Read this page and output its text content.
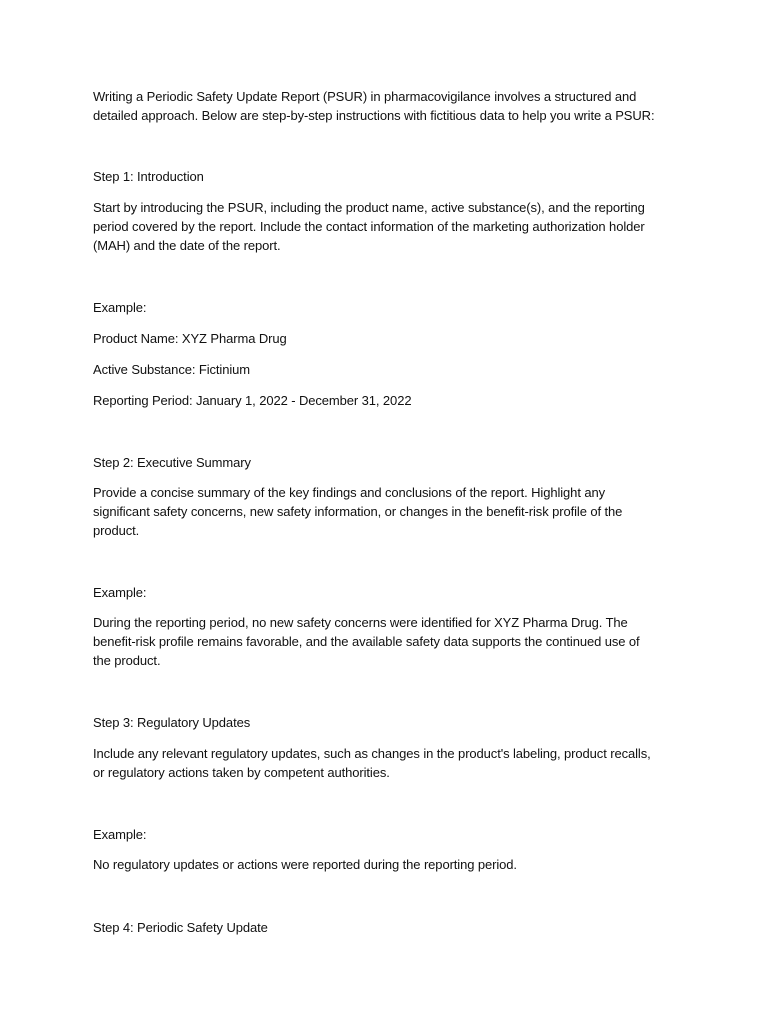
Writing a Periodic Safety Update Report (PSUR) in pharmacovigilance involves a structured and
detailed approach. Below are step-by-step instructions with fictitious data to help you write a PSUR:
Step 1: Introduction
Start by introducing the PSUR, including the product name, active substance(s), and the reporting
period covered by the report. Include the contact information of the marketing authorization holder
(MAH) and the date of the report.
Example:
Product Name: XYZ Pharma Drug
Active Substance: Fictinium
Reporting Period: January 1, 2022 - December 31, 2022
Step 2: Executive Summary
Provide a concise summary of the key findings and conclusions of the report. Highlight any
significant safety concerns, new safety information, or changes in the benefit-risk profile of the
product.
Example:
During the reporting period, no new safety concerns were identified for XYZ Pharma Drug. The
benefit-risk profile remains favorable, and the available safety data supports the continued use of
the product.
Step 3: Regulatory Updates
Include any relevant regulatory updates, such as changes in the product's labeling, product recalls,
or regulatory actions taken by competent authorities.
Example:
No regulatory updates or actions were reported during the reporting period.
Step 4: Periodic Safety Update
